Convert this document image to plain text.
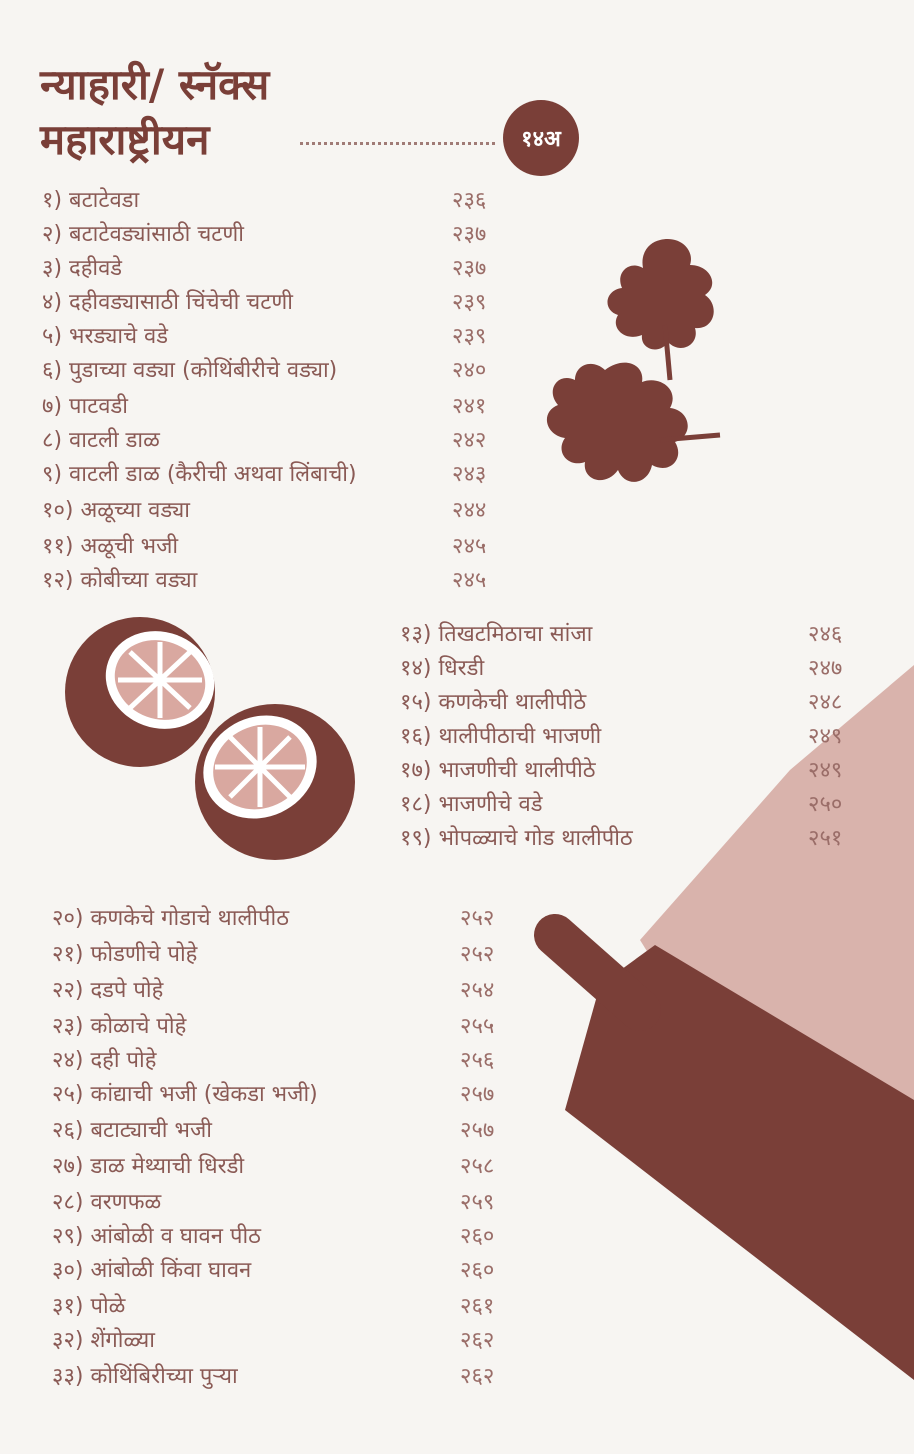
न्याहारी/ स्नॅक्स
महाराष्ट्रीयन	१४अ
१) बटाटेवडा	२३६
२) बटाटेवड्यांसाठी चटणी	२३७
३) दहीवडे	२३७
४) दहीवड्यासाठी चिंचेची चटणी	२३९
५) भरड्याचे वडे	२३९
६) पुडाच्या वड्या (कोथिंबीरीचे वड्या)	२४०
७) पाटवडी	२४१
८) वाटली डाळ	२४२
९) वाटली डाळ (कैरीची अथवा लिंबाची)	२४३
१०) अळूच्या वड्या	२४४
११) अळूची भजी	२४५
१२) कोबीच्या वड्या	२४५
१३) तिखटमिठाचा सांजा	२४६
१४) धिरडी	२४७
१५) कणकेची थालीपीठे	२४८
१६) थालीपीठाची भाजणी	२४९
१७) भाजणीची थालीपीठे	२४९
१८) भाजणीचे वडे	२५०
१९) भोपळ्याचे गोड थालीपीठ	२५१
२०) कणकेचे गोडाचे थालीपीठ	२५२
२१) फोडणीचे पोहे	२५२
२२) दडपे पोहे	२५४
२३) कोळाचे पोहे	२५५
२४) दही पोहे	२५६
२५) कांद्याची भजी (खेकडा भजी)	२५७
२६) बटाट्याची भजी	२५७
२७) डाळ मेथ्याची धिरडी	२५८
२८) वरणफळ	२५९
२९) आंबोळी व घावन पीठ	२६०
३०) आंबोळी किंवा घावन	२६०
३१) पोळे	२६१
३२) शेंगोळ्या	२६२
३३) कोथिंबिरीच्या पुऱ्या	२६२
